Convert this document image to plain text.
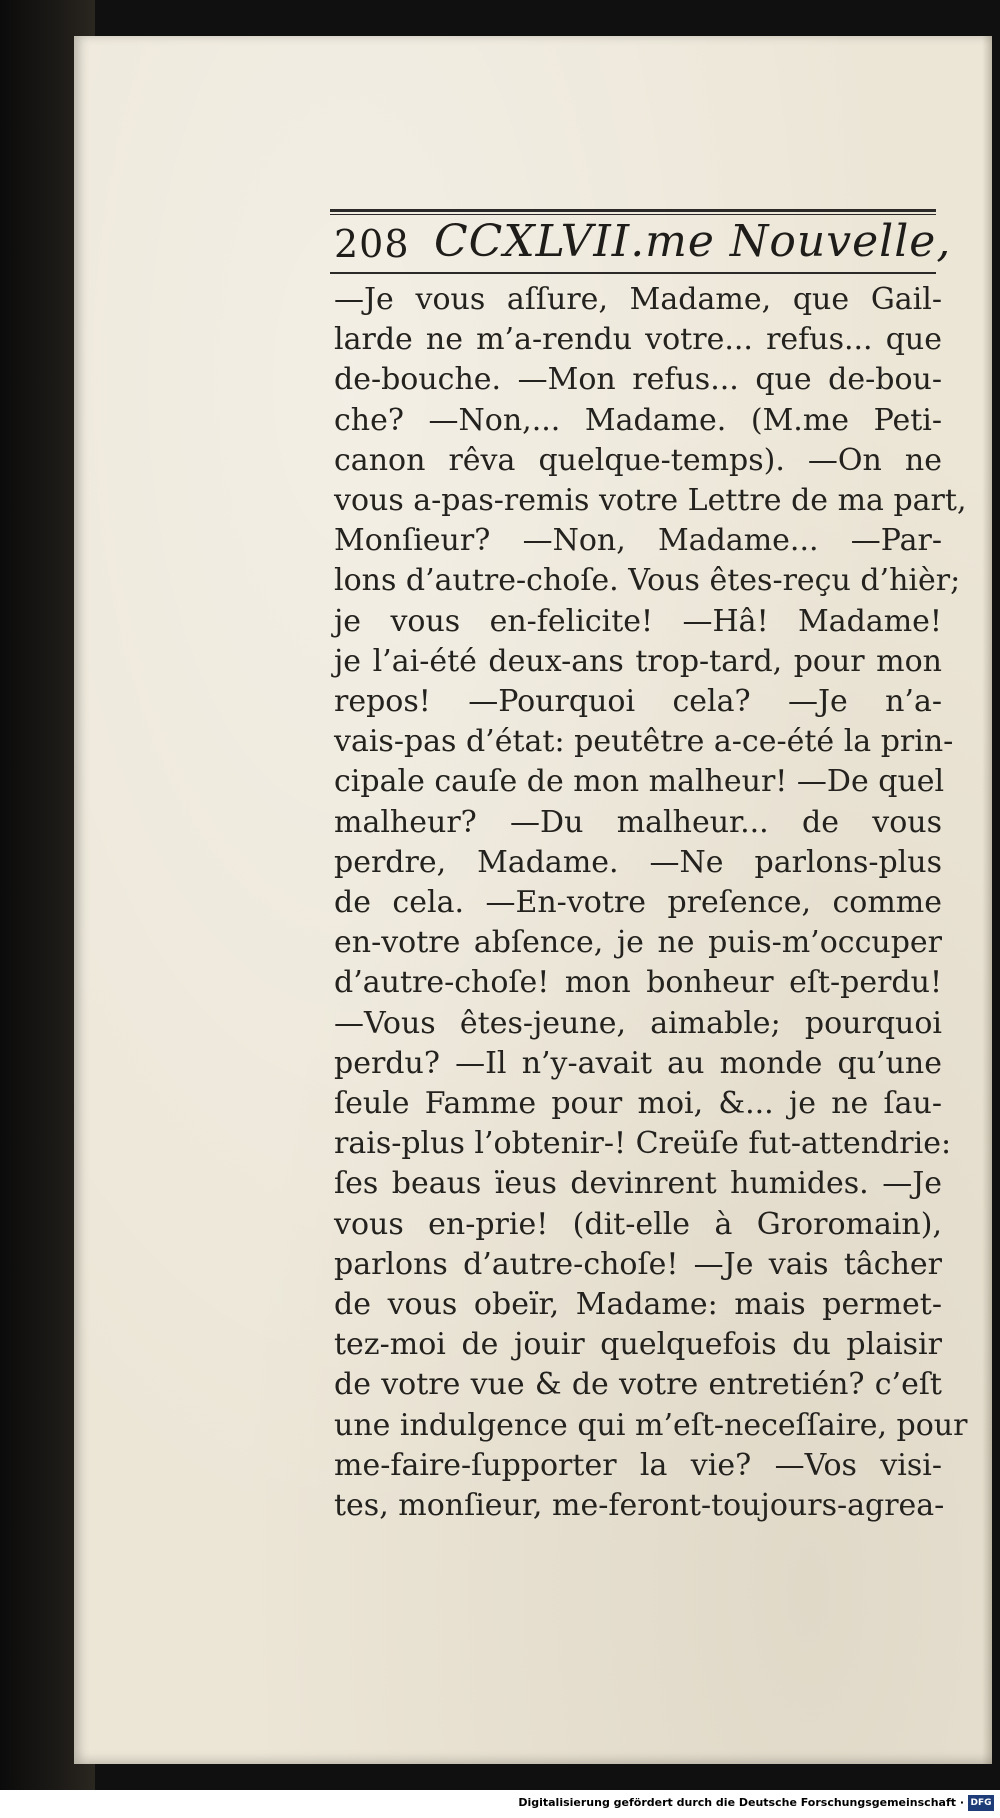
208 CCXLVII.me Nouvelle,
—Je vous aſſure, Madame, que Gail-
larde ne m’a-rendu votre... refus... que
de-bouche. —Mon refus... que de-bou-
che? —Non,... Madame. (M.me Peti-
canon rêva quelque-temps). —On ne
vous a-pas-remis votre Lettre de ma part,
Monſieur? —Non, Madame... —Par-
lons d’autre-choſe. Vous êtes-reçu d’hièr;
je vous en-felicite! —Hâ! Madame!
je l’ai-été deux-ans trop-tard, pour mon
repos! —Pourquoi cela? —Je n’a-
vais-pas d’état: peutêtre a-ce-été la prin-
cipale cauſe de mon malheur! —De quel
malheur? —Du malheur... de vous
perdre, Madame. —Ne parlons-plus
de cela. —En-votre preſence, comme
en-votre abſence, je ne puis-m’occuper
d’autre-choſe! mon bonheur eſt-perdu!
—Vous êtes-jeune, aimable; pourquoi
perdu? —Il n’y-avait au monde qu’une
ſeule Famme pour moi, &... je ne ſau-
rais-plus l’obtenir-! Creüſe fut-attendrie:
ſes beaus ïeus devinrent humides. —Je
vous en-prie! (dit-elle à Groromain),
parlons d’autre-choſe! —Je vais tâcher
de vous obeïr, Madame: mais permet-
tez-moi de jouir quelquefois du plaisir
de votre vue & de votre entretién? c’eſt
une indulgence qui m’eſt-neceſſaire, pour
me-faire-ſupporter la vie? —Vos visi-
tes, monſieur, me-feront-toujours-agrea-
Digitalisierung gefördert durch die Deutsche Forschungsgemeinschaft · DFG
